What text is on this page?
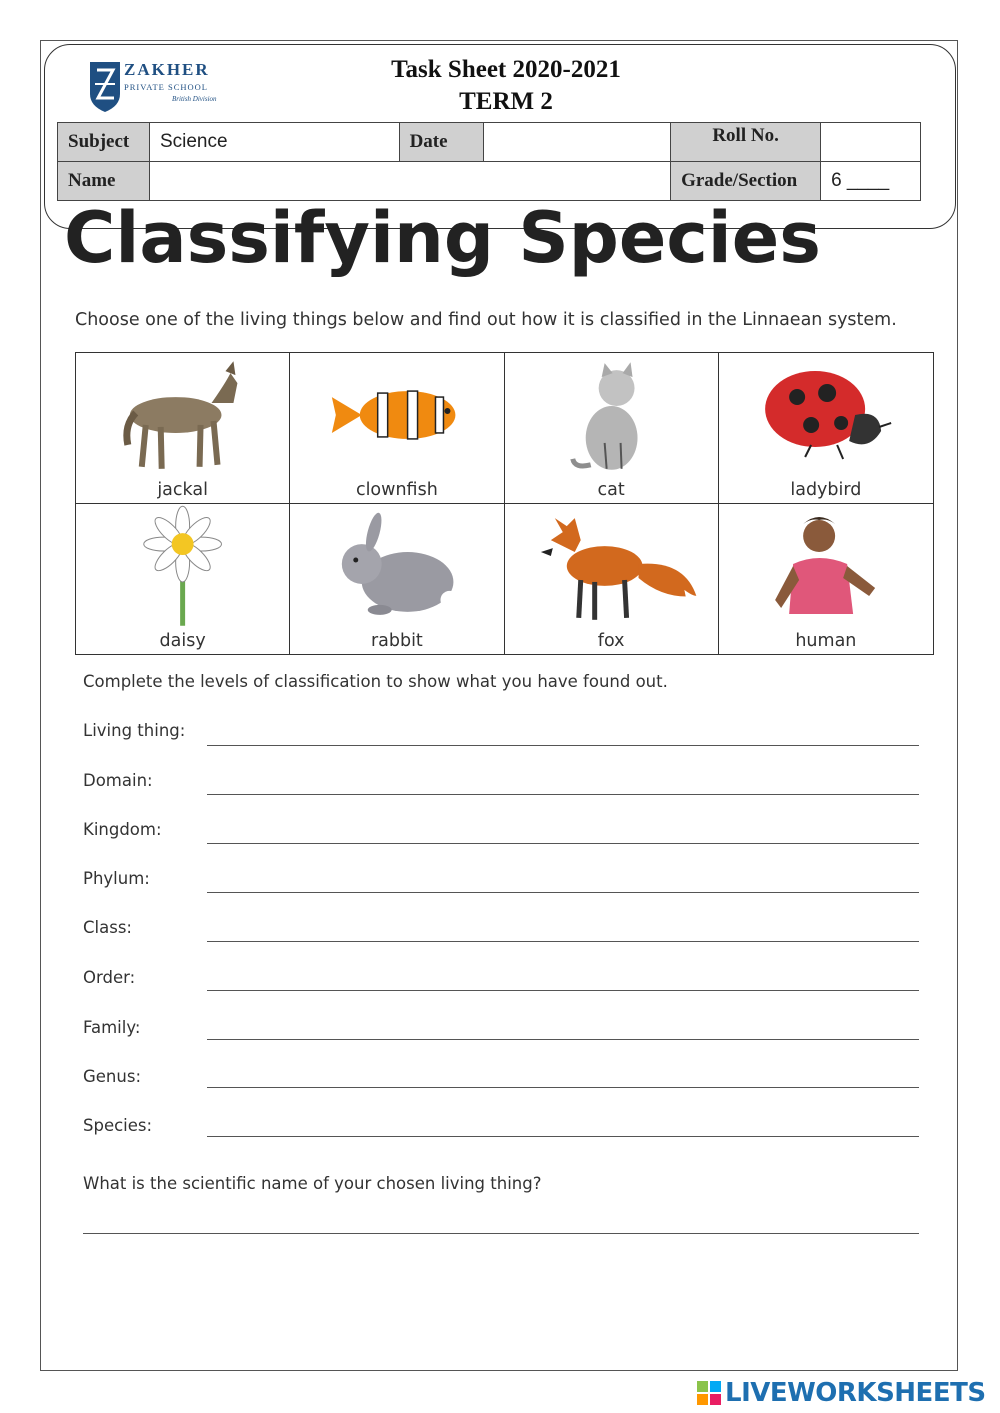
ZAKHER
PRIVATE SCHOOL
British Division
Task Sheet 2020-2021
TERM 2
Subject	Science	Date		Roll No.	
Name				Grade/Section	6 ____
Classifying Species
Choose one of the living things below and find out how it is classified in the Linnaean system.
jackal	clownfish	cat	ladybird
daisy	rabbit	fox	human
Complete the levels of classification to show what you have found out.
Living thing:
Domain:
Kingdom:
Phylum:
Class:
Order:
Family:
Genus:
Species:
What is the scientific name of your chosen living thing?
LIVEWORKSHEETS
